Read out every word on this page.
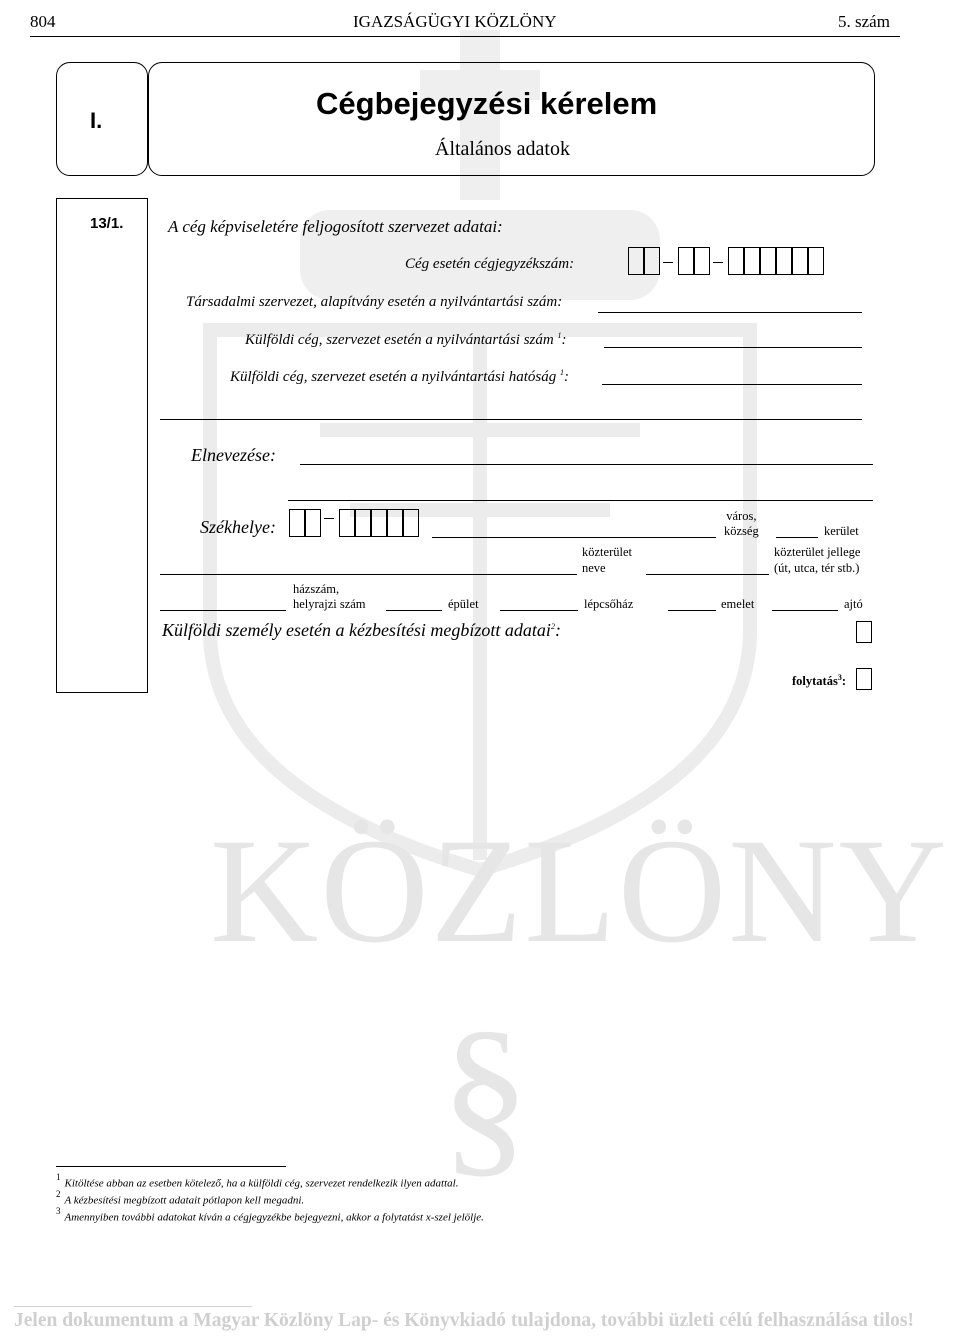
KÖZLÖNY
§
804	IGAZSÁGÜGYI KÖZLÖNY	5. szám
I.	Cégbejegyzési kérelem
Általános adatok
13/1.	A cég képviseletére feljogosított szervezet adatai:
Cég esetén cégjegyzékszám:
Társadalmi szervezet, alapítvány esetén a nyilvántartási szám:
Külföldi cég, szervezet esetén a nyilvántartási szám $^1$:
Külföldi cég, szervezet esetén a nyilvántartási hatóság $^1$:
Elnevezése:
Székhelye:
város,
község	kerület
közterület
neve
közterület jellege
(út, utca, tér stb.)
házszám,
helyrajzi szám	épület	lépcsőház	emelet	ajtó
Külföldi személy esetén a kézbesítési megbízott adatai$^2$:
folytatás$^3$:
$^1$ Kitöltése abban az esetben kötelező, ha a külföldi cég, szervezet rendelkezik ilyen adattal.
$^2$ A kézbesítési megbízott adatait pótlapon kell megadni.
$^3$ Amennyiben további adatokat kíván a cégjegyzékbe bejegyezni, akkor a folytatást x-szel jelölje.
Jelen dokumentum a Magyar Közlöny Lap- és Könyvkiadó tulajdona, további üzleti célú felhasználása tilos!
